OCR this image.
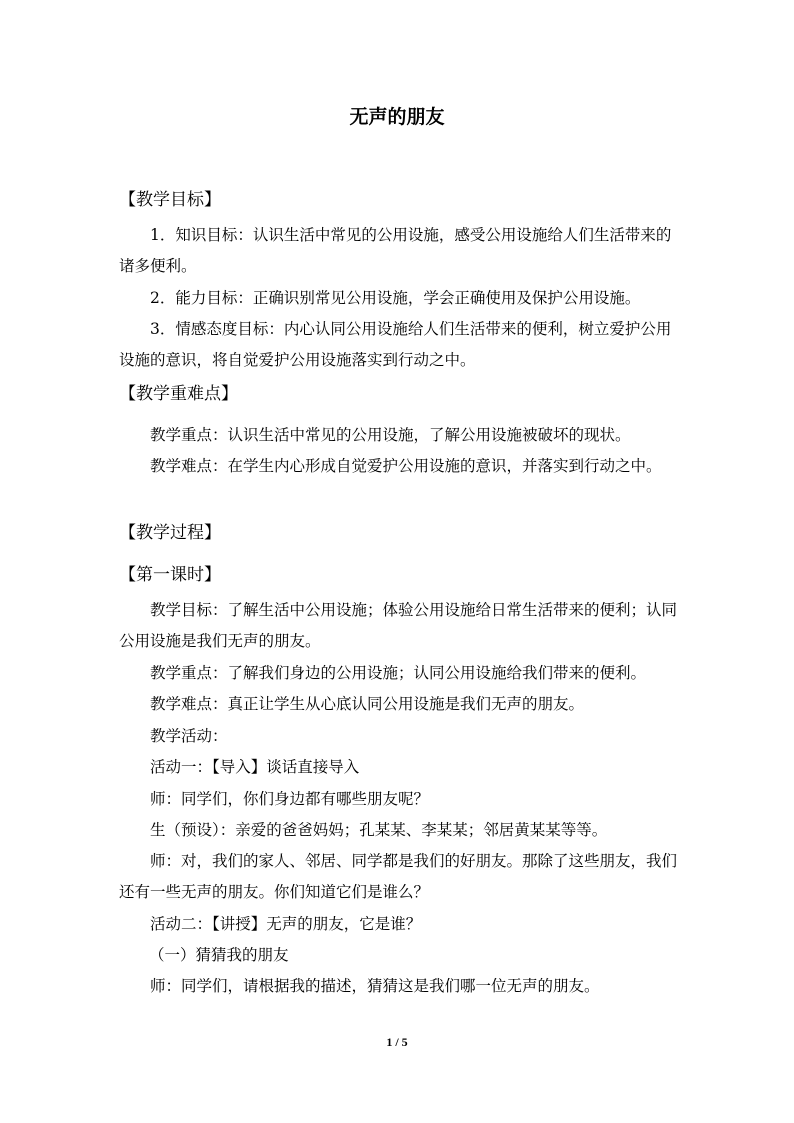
无声的朋友
【教学目标】
1．知识目标：认识生活中常见的公用设施，感受公用设施给人们生活带来的诸多便利。
2．能力目标：正确识别常见公用设施，学会正确使用及保护公用设施。
3．情感态度目标：内心认同公用设施给人们生活带来的便利，树立爱护公用设施的意识，将自觉爱护公用设施落实到行动之中。
【教学重难点】
教学重点：认识生活中常见的公用设施，了解公用设施被破坏的现状。
教学难点：在学生内心形成自觉爱护公用设施的意识，并落实到行动之中。
【教学过程】
【第一课时】
教学目标：了解生活中公用设施；体验公用设施给日常生活带来的便利；认同公用设施是我们无声的朋友。
教学重点：了解我们身边的公用设施；认同公用设施给我们带来的便利。
教学难点：真正让学生从心底认同公用设施是我们无声的朋友。
教学活动：
活动一：【导入】谈话直接导入
师：同学们，你们身边都有哪些朋友呢？
生（预设）：亲爱的爸爸妈妈；孔某某、李某某；邻居黄某某等等。
师：对，我们的家人、邻居、同学都是我们的好朋友。那除了这些朋友，我们还有一些无声的朋友。你们知道它们是谁么？
活动二：【讲授】无声的朋友，它是谁？
（一）猜猜我的朋友
师：同学们，请根据我的描述，猜猜这是我们哪一位无声的朋友。
1 / 5
